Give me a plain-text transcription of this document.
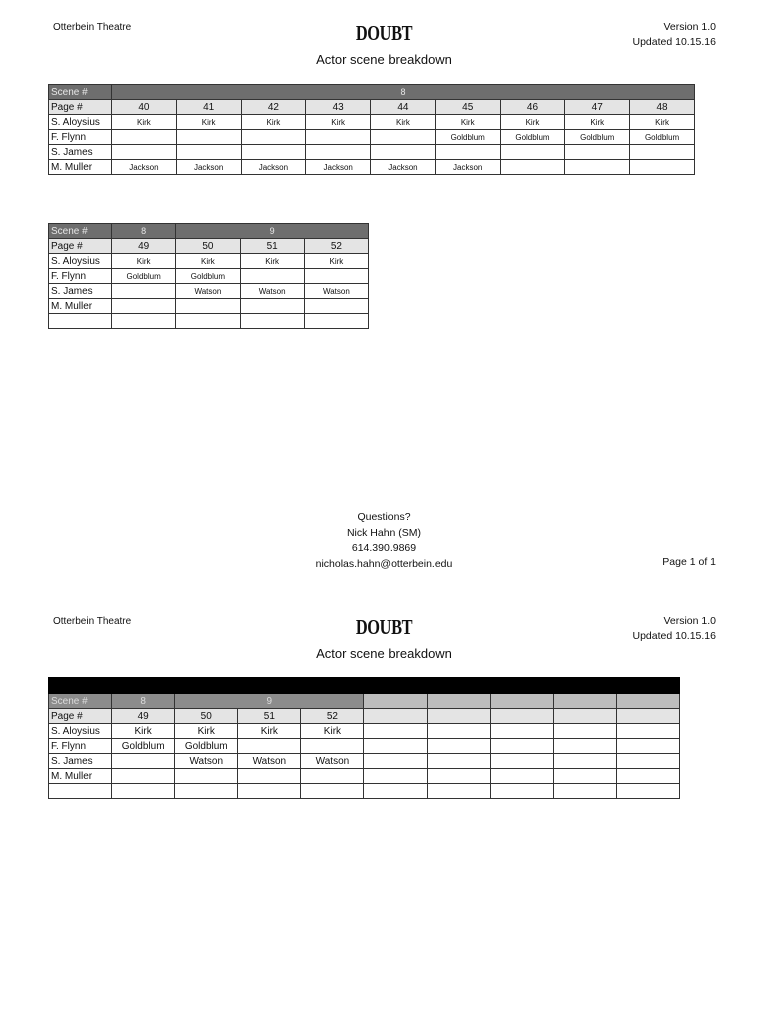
Otterbein Theatre	DOUBT	Version 1.0
Updated 10.15.16
Actor scene breakdown
Scene #	8								
Page #	40	41	42	43	44	45	46	47	48
S. Aloysius	Kirk	Kirk	Kirk	Kirk	Kirk	Kirk	Kirk	Kirk	Kirk
F. Flynn						Goldblum	Goldblum	Goldblum	Goldblum
S. James									
M. Muller	Jackson	Jackson	Jackson	Jackson	Jackson	Jackson			
Scene #	8	9		
Page #	49	50	51	52
S. Aloysius	Kirk	Kirk	Kirk	Kirk
F. Flynn	Goldblum	Goldblum		
S. James		Watson	Watson	Watson
M. Muller				

Questions?
Nick Hahn (SM)
614.390.9869
nicholas.hahn@otterbein.edu	Page 1 of 1
Otterbein Theatre	DOUBT	Version 1.0
Updated 10.15.16
Actor scene breakdown

Scene #	8	9							
Page #	49	50	51	52					
S. Aloysius	Kirk	Kirk	Kirk	Kirk					
F. Flynn	Goldblum	Goldblum							
S. James		Watson	Watson	Watson					
M. Muller									
